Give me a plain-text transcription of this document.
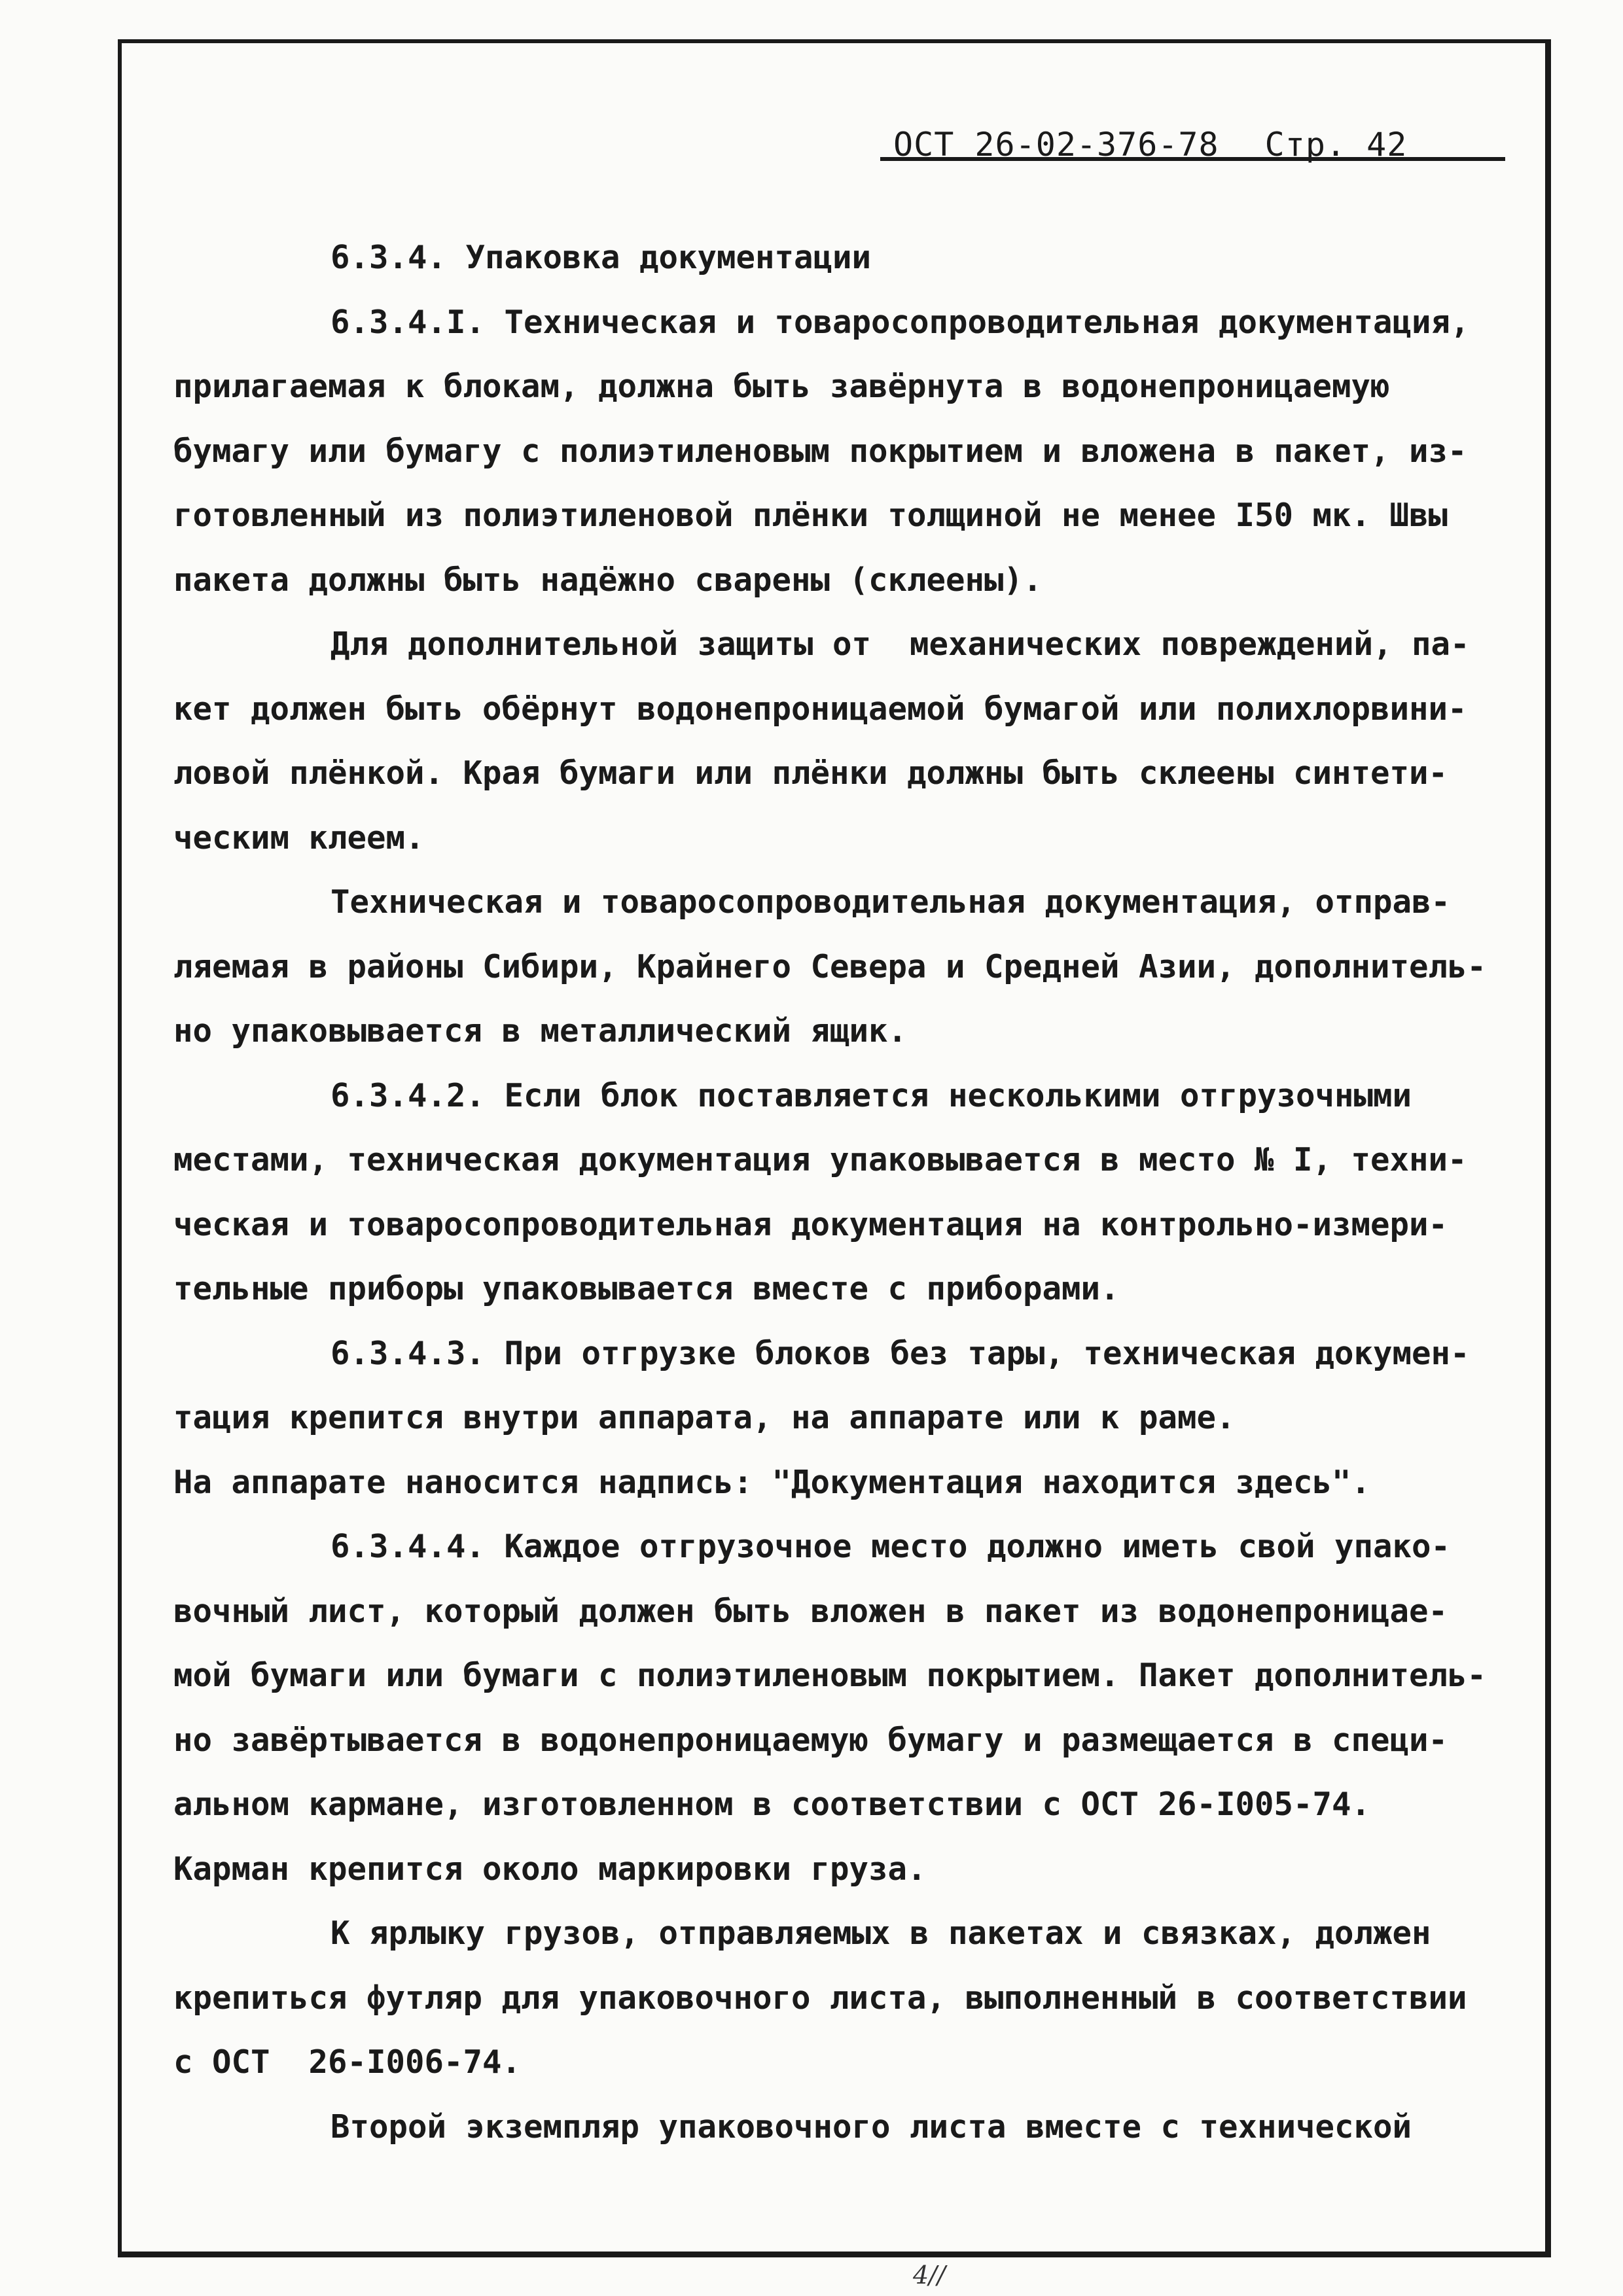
ОСТ 26-02-376-78 Стр. 42
6.3.4. Упаковка документации
6.3.4.I. Техническая и товаросопроводительная документация,
прилагаемая к блокам, должна быть завёрнута в водонепроницаемую
бумагу или бумагу с полиэтиленовым покрытием и вложена в пакет, из-
готовленный из полиэтиленовой плёнки толщиной не менее I50 мк. Швы
пакета должны быть надёжно сварены (склеены).
Для дополнительной защиты от  механических повреждений, па-
кет должен быть обёрнут водонепроницаемой бумагой или полихлорвини-
ловой плёнкой. Края бумаги или плёнки должны быть склеены синтети-
ческим клеем.
Техническая и товаросопроводительная документация, отправ-
ляемая в районы Сибири, Крайнего Севера и Средней Азии, дополнитель-
но упаковывается в металлический ящик.
6.3.4.2. Если блок поставляется несколькими отгрузочными
местами, техническая документация упаковывается в место № I, техни-
ческая и товаросопроводительная документация на контрольно-измери-
тельные приборы упаковывается вместе с приборами.
6.3.4.3. При отгрузке блоков без тары, техническая докумен-
тация крепится внутри аппарата, на аппарате или к раме.
На аппарате наносится надпись: "Документация находится здесь".
6.3.4.4. Каждое отгрузочное место должно иметь свой упако-
вочный лист, который должен быть вложен в пакет из водонепроницае-
мой бумаги или бумаги с полиэтиленовым покрытием. Пакет дополнитель-
но завёртывается в водонепроницаемую бумагу и размещается в специ-
альном кармане, изготовленном в соответствии с ОСТ 26-I005-74.
Карман крепится около маркировки груза.
К ярлыку грузов, отправляемых в пакетах и связках, должен
крепиться футляр для упаковочного листа, выполненный в соответствии
с ОСТ  26-I006-74.
Второй экземпляр упаковочного листа вместе с технической
4//
